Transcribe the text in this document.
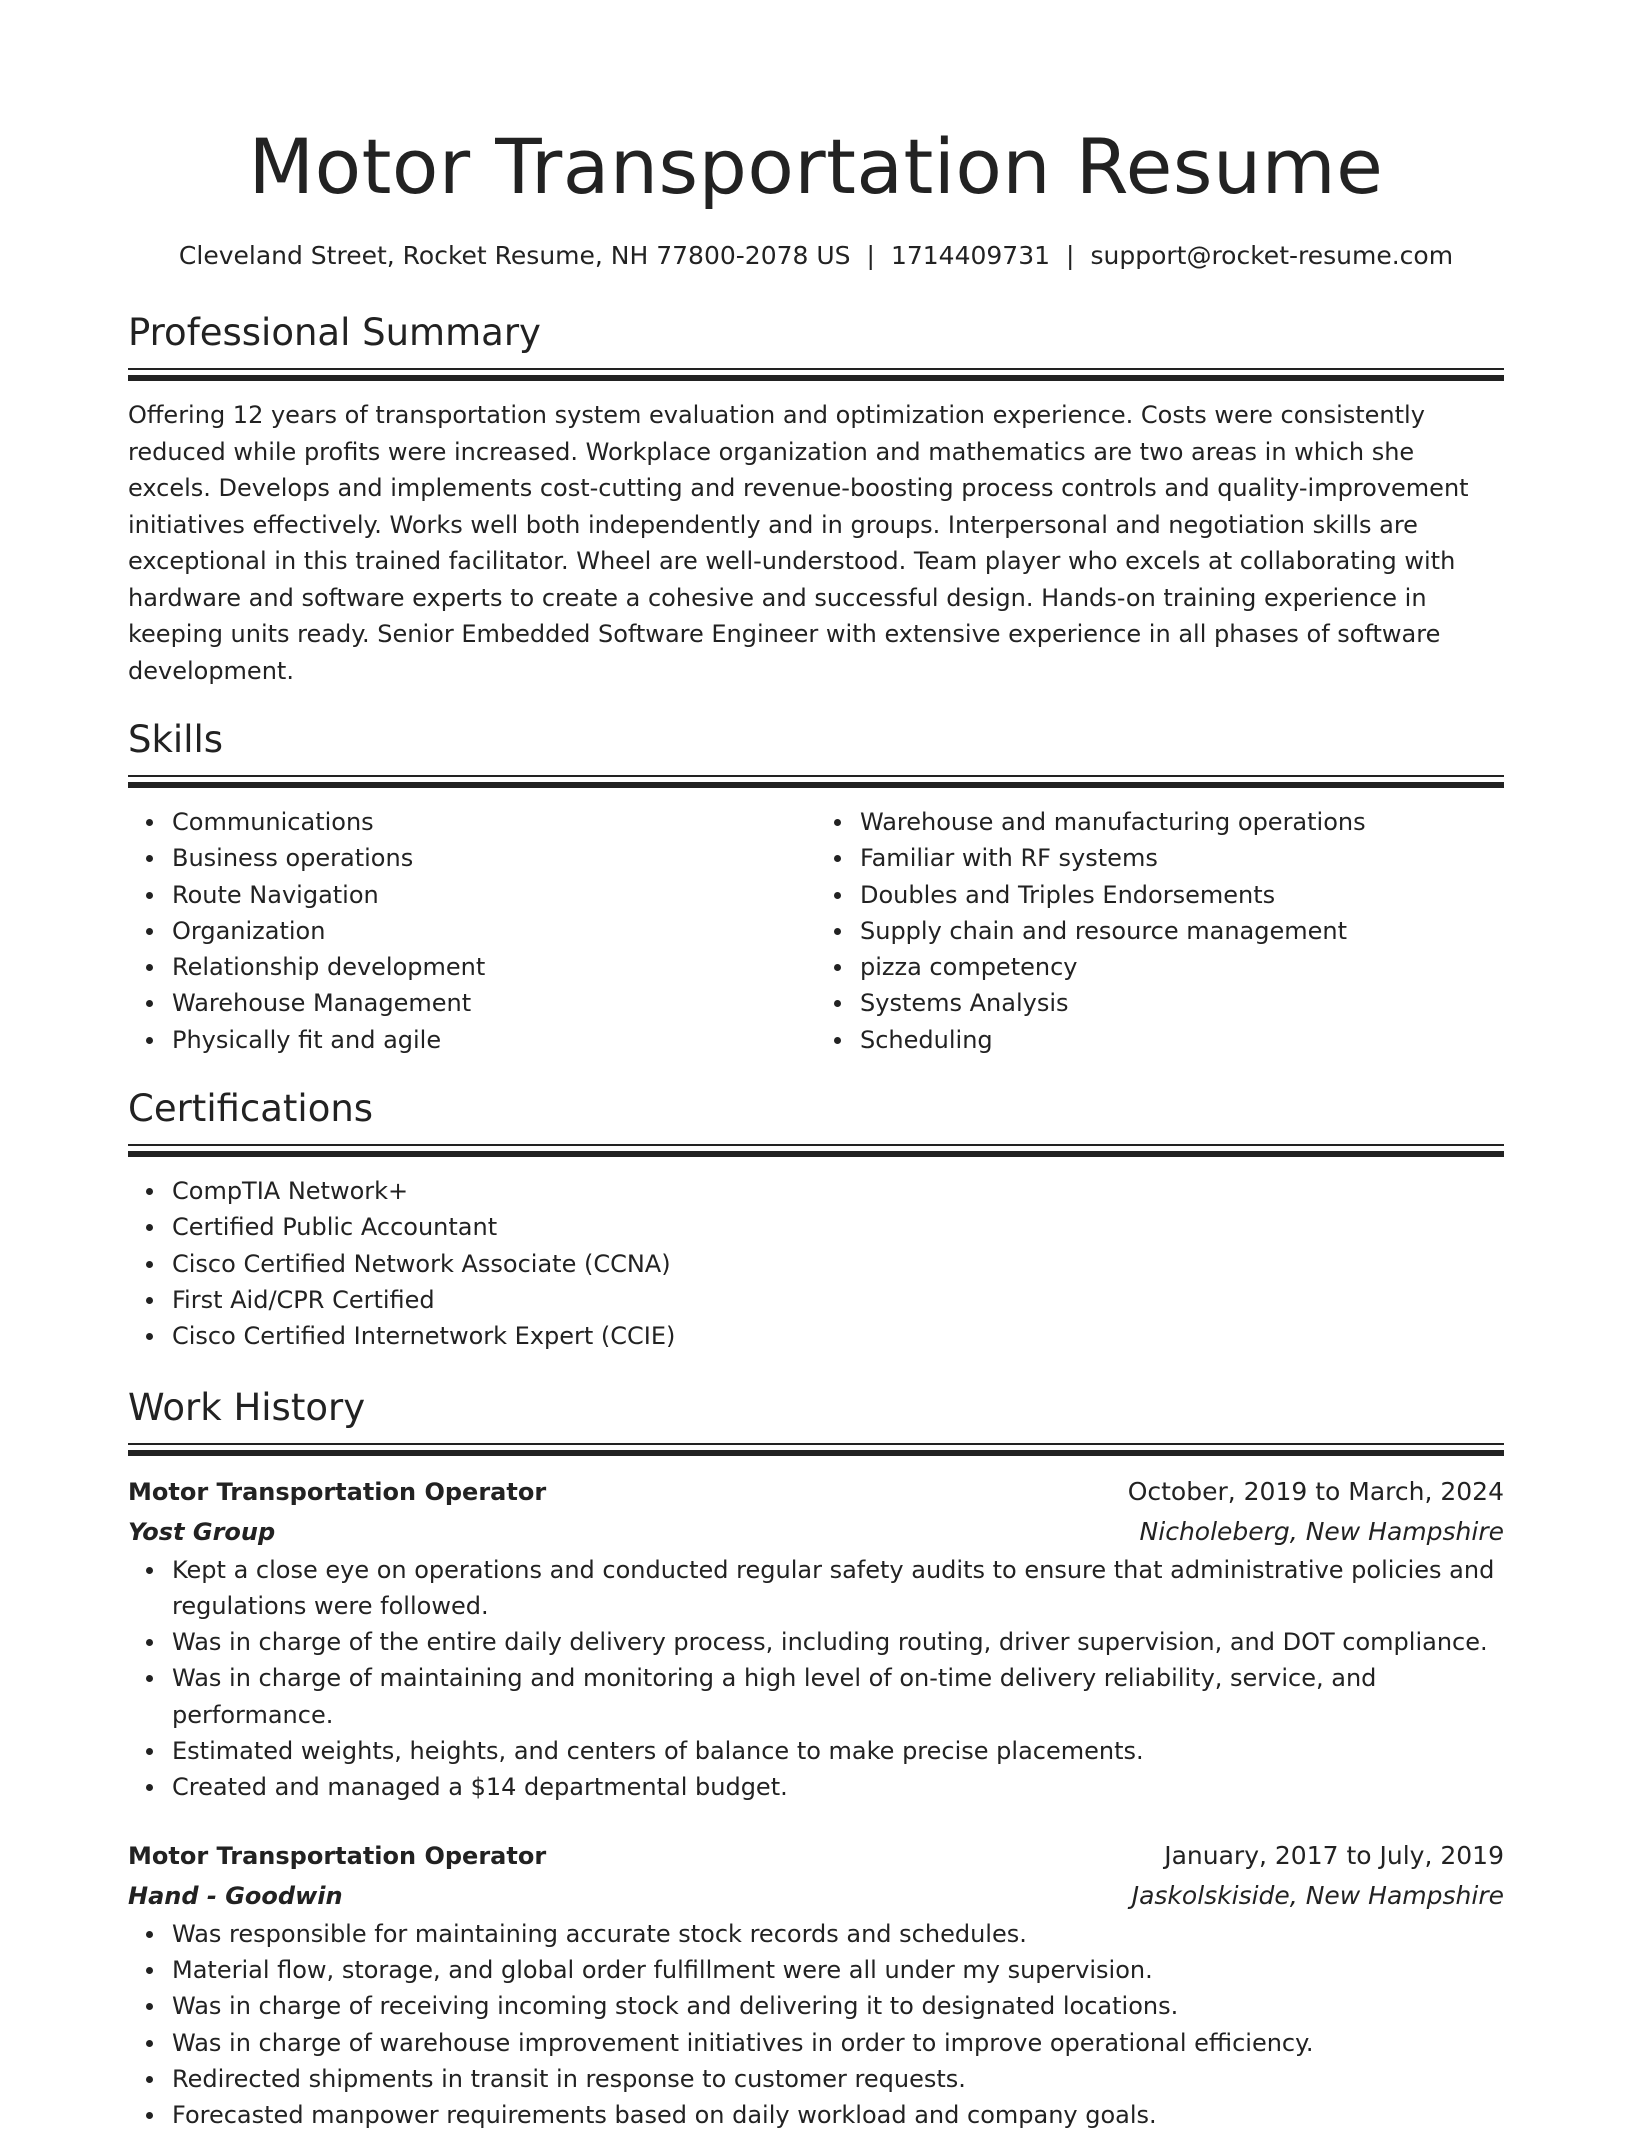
Motor Transportation Resume
Cleveland Street, Rocket Resume, NH 77800-2078 US | 1714409731 | support@rocket-resume.com
Professional Summary
Offering 12 years of transportation system evaluation and optimization experience. Costs were consistently reduced while profits were increased. Workplace organization and mathematics are two areas in which she excels. Develops and implements cost-cutting and revenue-boosting process controls and quality-improvement initiatives effectively. Works well both independently and in groups. Interpersonal and negotiation skills are exceptional in this trained facilitator. Wheel are well-understood. Team player who excels at collaborating with hardware and software experts to create a cohesive and successful design. Hands-on training experience in keeping units ready. Senior Embedded Software Engineer with extensive experience in all phases of software development.
Skills
Communications
Business operations
Route Navigation
Organization
Relationship development
Warehouse Management
Physically fit and agile
Warehouse and manufacturing operations
Familiar with RF systems
Doubles and Triples Endorsements
Supply chain and resource management
pizza competency
Systems Analysis
Scheduling
Certifications
CompTIA Network+
Certified Public Accountant
Cisco Certified Network Associate (CCNA)
First Aid/CPR Certified
Cisco Certified Internetwork Expert (CCIE)
Work History
Motor Transportation Operator	October, 2019 to March, 2024
Yost Group	Nicholeberg, New Hampshire
Kept a close eye on operations and conducted regular safety audits to ensure that administrative policies and regulations were followed.
Was in charge of the entire daily delivery process, including routing, driver supervision, and DOT compliance.
Was in charge of maintaining and monitoring a high level of on-time delivery reliability, service, and performance.
Estimated weights, heights, and centers of balance to make precise placements.
Created and managed a $14 departmental budget.
Motor Transportation Operator	January, 2017 to July, 2019
Hand - Goodwin	Jaskolskiside, New Hampshire
Was responsible for maintaining accurate stock records and schedules.
Material flow, storage, and global order fulfillment were all under my supervision.
Was in charge of receiving incoming stock and delivering it to designated locations.
Was in charge of warehouse improvement initiatives in order to improve operational efficiency.
Redirected shipments in transit in response to customer requests.
Forecasted manpower requirements based on daily workload and company goals.
